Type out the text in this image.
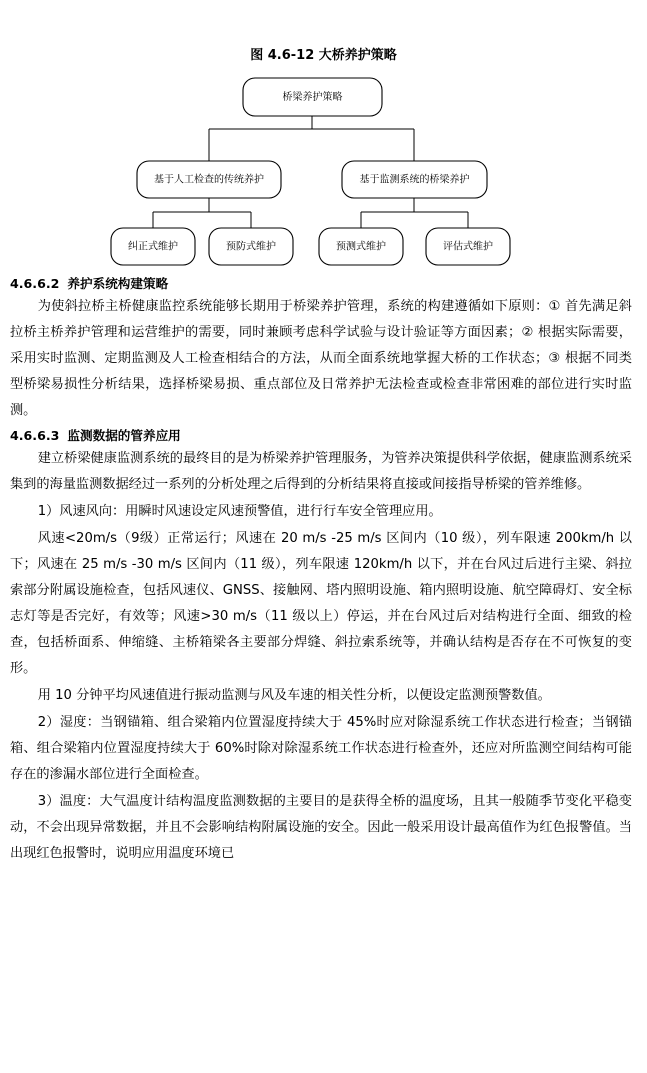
图 4.6-12 大桥养护策略
桥梁养护策略
基于人工检查的传统养护	基于监测系统的桥梁养护
纠正式维护	预防式维护	预测式维护	评估式维护
4.6.6.2 养护系统构建策略

为使斜拉桥主桥健康监控系统能够长期用于桥梁养护管理，系统的构建遵循如下原则：① 首先满足斜拉桥主桥养护管理和运营维护的需要，同时兼顾考虑科学试验与设计验证等方面因素；② 根据实际需要，采用实时监测、定期监测及人工检查相结合的方法，从而全面系统地掌握大桥的工作状态；③ 根据不同类型桥梁易损性分析结果，选择桥梁易损、重点部位及日常养护无法检查或检查非常困难的部位进行实时监测。

4.6.6.3 监测数据的管养应用

建立桥梁健康监测系统的最终目的是为桥梁养护管理服务，为管养决策提供科学依据，健康监测系统采集到的海量监测数据经过一系列的分析处理之后得到的分析结果将直接或间接指导桥梁的管养维修。

1）风速风向：用瞬时风速设定风速预警值，进行行车安全管理应用。

风速<20m/s（9级）正常运行；风速在 20 m/s -25 m/s 区间内（10 级），列车限速 200km/h 以下；风速在 25 m/s -30 m/s 区间内（11 级），列车限速 120km/h 以下，并在台风过后进行主梁、斜拉索部分附属设施检查，包括风速仪、GNSS、接触网、塔内照明设施、箱内照明设施、航空障碍灯、安全标志灯等是否完好，有效等；风速>30 m/s（11 级以上）停运，并在台风过后对结构进行全面、细致的检查，包括桥面系、伸缩缝、主桥箱梁各主要部分焊缝、斜拉索系统等，并确认结构是否存在不可恢复的变形。

用 10 分钟平均风速值进行振动监测与风及车速的相关性分析，以便设定监测预警数值。

2）湿度：当钢锚箱、组合梁箱内位置湿度持续大于 45%时应对除湿系统工作状态进行检查；当钢锚箱、组合梁箱内位置湿度持续大于 60%时除对除湿系统工作状态进行检查外，还应对所监测空间结构可能存在的渗漏水部位进行全面检查。

3）温度：大气温度计结构温度监测数据的主要目的是获得全桥的温度场，且其一般随季节变化平稳变动，不会出现异常数据，并且不会影响结构附属设施的安全。因此一般采用设计最高值作为红色报警值。当出现红色报警时，说明应用温度环境已
